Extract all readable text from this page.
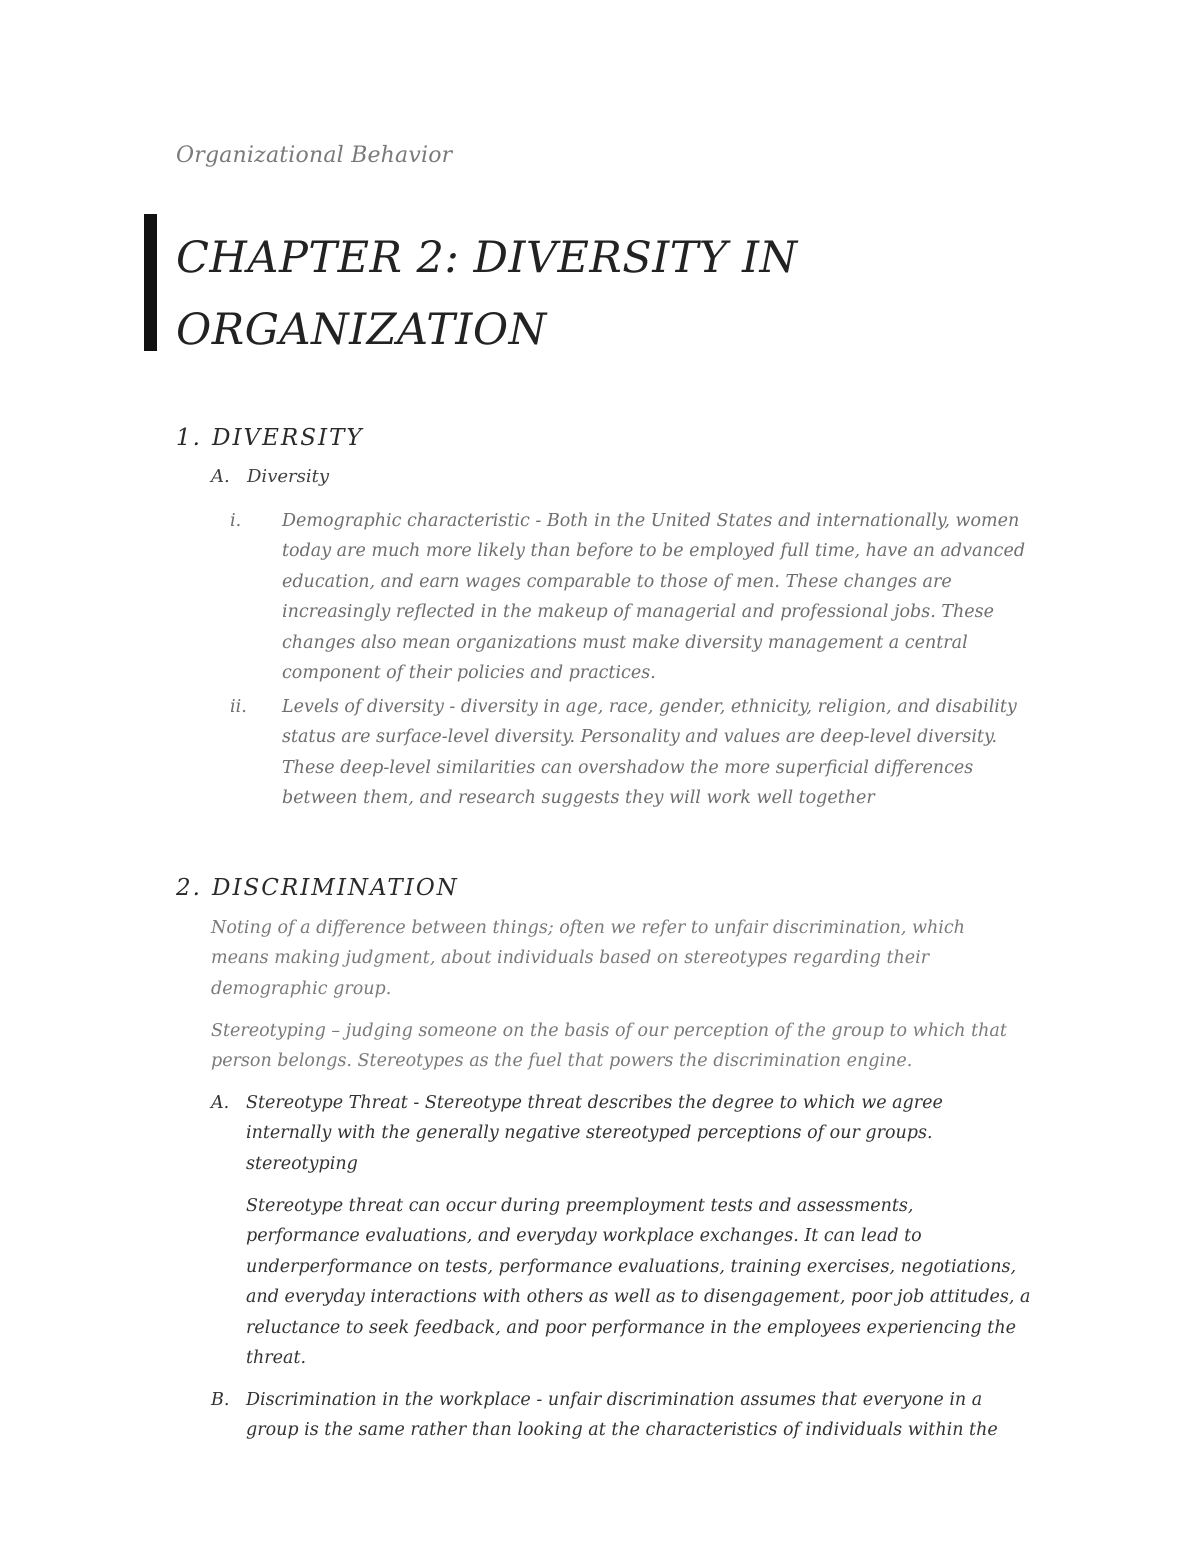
Organizational Behavior
CHAPTER 2: DIVERSITY IN ORGANIZATION
1. DIVERSITY
A. Diversity
i.	Demographic characteristic - Both in the United States and internationally, women today are much more likely than before to be employed full time, have an advanced education, and earn wages comparable to those of men. These changes are increasingly reflected in the makeup of managerial and professional jobs. These changes also mean organizations must make diversity management a central component of their policies and practices.
ii.	Levels of diversity - diversity in age, race, gender, ethnicity, religion, and disability status are surface-level diversity. Personality and values are deep-level diversity. These deep-level similarities can overshadow the more superficial differences between them, and research suggests they will work well together
2. DISCRIMINATION

Noting of a difference between things; often we refer to unfair discrimination, which means making judgment, about individuals based on stereotypes regarding their demographic group.

Stereotyping – judging someone on the basis of our perception of the group to which that person belongs. Stereotypes as the fuel that powers the discrimination engine.

A. Stereotype Threat - Stereotype threat describes the degree to which we agree internally with the generally negative stereotyped perceptions of our groups. stereotyping

Stereotype threat can occur during preemployment tests and assessments, performance evaluations, and everyday workplace exchanges. It can lead to underperformance on tests, performance evaluations, training exercises, negotiations, and everyday interactions with others as well as to disengagement, poor job attitudes, a reluctance to seek feedback, and poor performance in the employees experiencing the threat.

B. Discrimination in the workplace - unfair discrimination assumes that everyone in a group is the same rather than looking at the characteristics of individuals within the
